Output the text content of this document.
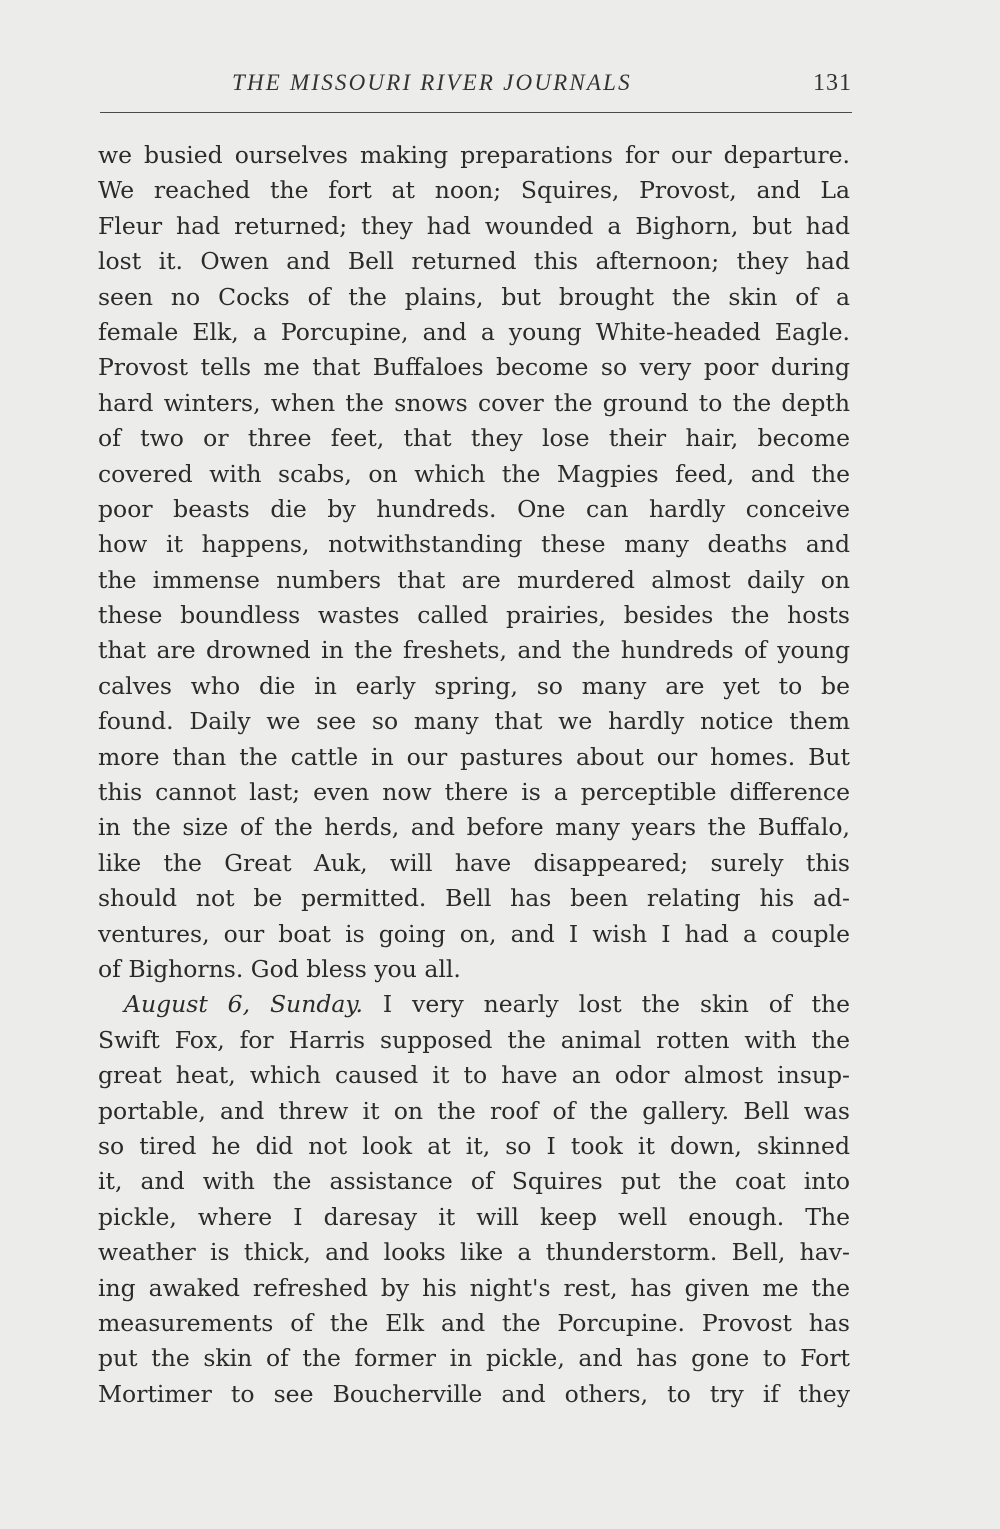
THE MISSOURI RIVER JOURNALS	131
we busied ourselves making preparations for our departure.
We reached the fort at noon; Squires, Provost, and La
Fleur had returned; they had wounded a Bighorn, but had
lost it. Owen and Bell returned this afternoon; they had
seen no Cocks of the plains, but brought the skin of a
female Elk, a Porcupine, and a young White-headed Eagle.
Provost tells me that Buffaloes become so very poor during
hard winters, when the snows cover the ground to the depth
of two or three feet, that they lose their hair, become
covered with scabs, on which the Magpies feed, and the
poor beasts die by hundreds. One can hardly conceive
how it happens, notwithstanding these many deaths and
the immense numbers that are murdered almost daily on
these boundless wastes called prairies, besides the hosts
that are drowned in the freshets, and the hundreds of young
calves who die in early spring, so many are yet to be
found. Daily we see so many that we hardly notice them
more than the cattle in our pastures about our homes. But
this cannot last; even now there is a perceptible difference
in the size of the herds, and before many years the Buffalo,
like the Great Auk, will have disappeared; surely this
should not be permitted. Bell has been relating his ad-
ventures, our boat is going on, and I wish I had a couple
of Bighorns. God bless you all.
August 6, Sunday. I very nearly lost the skin of the
Swift Fox, for Harris supposed the animal rotten with the
great heat, which caused it to have an odor almost insup-
portable, and threw it on the roof of the gallery. Bell was
so tired he did not look at it, so I took it down, skinned
it, and with the assistance of Squires put the coat into
pickle, where I daresay it will keep well enough. The
weather is thick, and looks like a thunderstorm. Bell, hav-
ing awaked refreshed by his night's rest, has given me the
measurements of the Elk and the Porcupine. Provost has
put the skin of the former in pickle, and has gone to Fort
Mortimer to see Boucherville and others, to try if they
